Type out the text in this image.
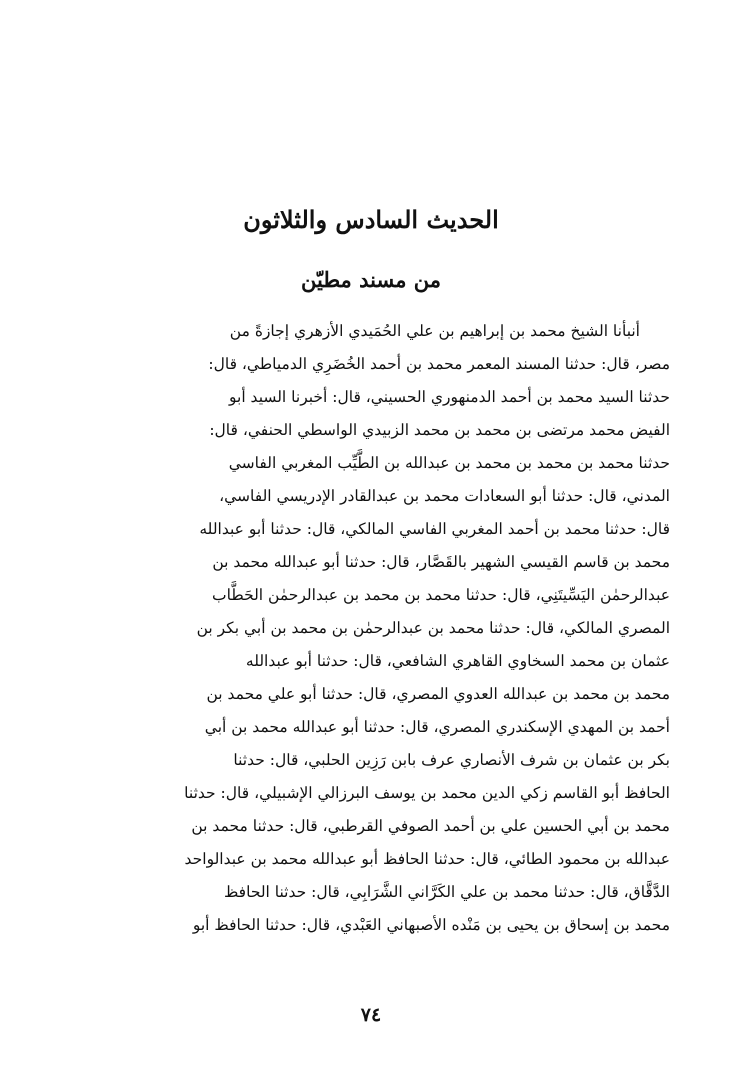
الحديث السادس والثلاثون
من مسند مطيّن
أنبأنا الشيخ محمد بن إبراهيم بن علي الحُمَيدي الأزهري إجازةً من
مصر، قال: حدثنا المسند المعمر محمد بن أحمد الخُضَرِي الدمياطي، قال:
حدثنا السيد محمد بن أحمد الدمنهوري الحسيني، قال: أخبرنا السيد أبو
الفيض محمد مرتضى بن محمد بن محمد الزبيدي الواسطي الحنفي، قال:
حدثنا محمد بن محمد بن محمد بن عبدالله بن الطَّيِّب المغربي الفاسي
المدني، قال: حدثنا أبو السعادات محمد بن عبدالقادر الإدريسي الفاسي،
قال: حدثنا محمد بن أحمد المغربي الفاسي المالكي، قال: حدثنا أبو عبدالله
محمد بن قاسم القيسي الشهير بالقَصَّار، قال: حدثنا أبو عبدالله محمد بن
عبدالرحمٰن اليَسِّيتَنِي، قال: حدثنا محمد بن محمد بن عبدالرحمٰن الحَطَّاب
المصري المالكي، قال: حدثنا محمد بن عبدالرحمٰن بن محمد بن أبي بكر بن
عثمان بن محمد السخاوي القاهري الشافعي، قال: حدثنا أبو عبدالله
محمد بن محمد بن عبدالله العدوي المصري، قال: حدثنا أبو علي محمد بن
أحمد بن المهدي الإسكندري المصري، قال: حدثنا أبو عبدالله محمد بن أبي
بكر بن عثمان بن شرف الأنصاري عرف بابن رَزِين الحلبي، قال: حدثنا
الحافظ أبو القاسم زكي الدين محمد بن يوسف البرزالي الإشبيلي، قال: حدثنا
محمد بن أبي الحسين علي بن أحمد الصوفي القرطبي، قال: حدثنا محمد بن
عبدالله بن محمود الطائي، قال: حدثنا الحافظ أبو عبدالله محمد بن عبدالواحد
الدَّقَّاق، قال: حدثنا محمد بن علي الكَرَّاني الشَّرَابِي، قال: حدثنا الحافظ
محمد بن إسحاق بن يحيى بن مَنْده الأصبهاني العَبْدي، قال: حدثنا الحافظ أبو
٧٤
